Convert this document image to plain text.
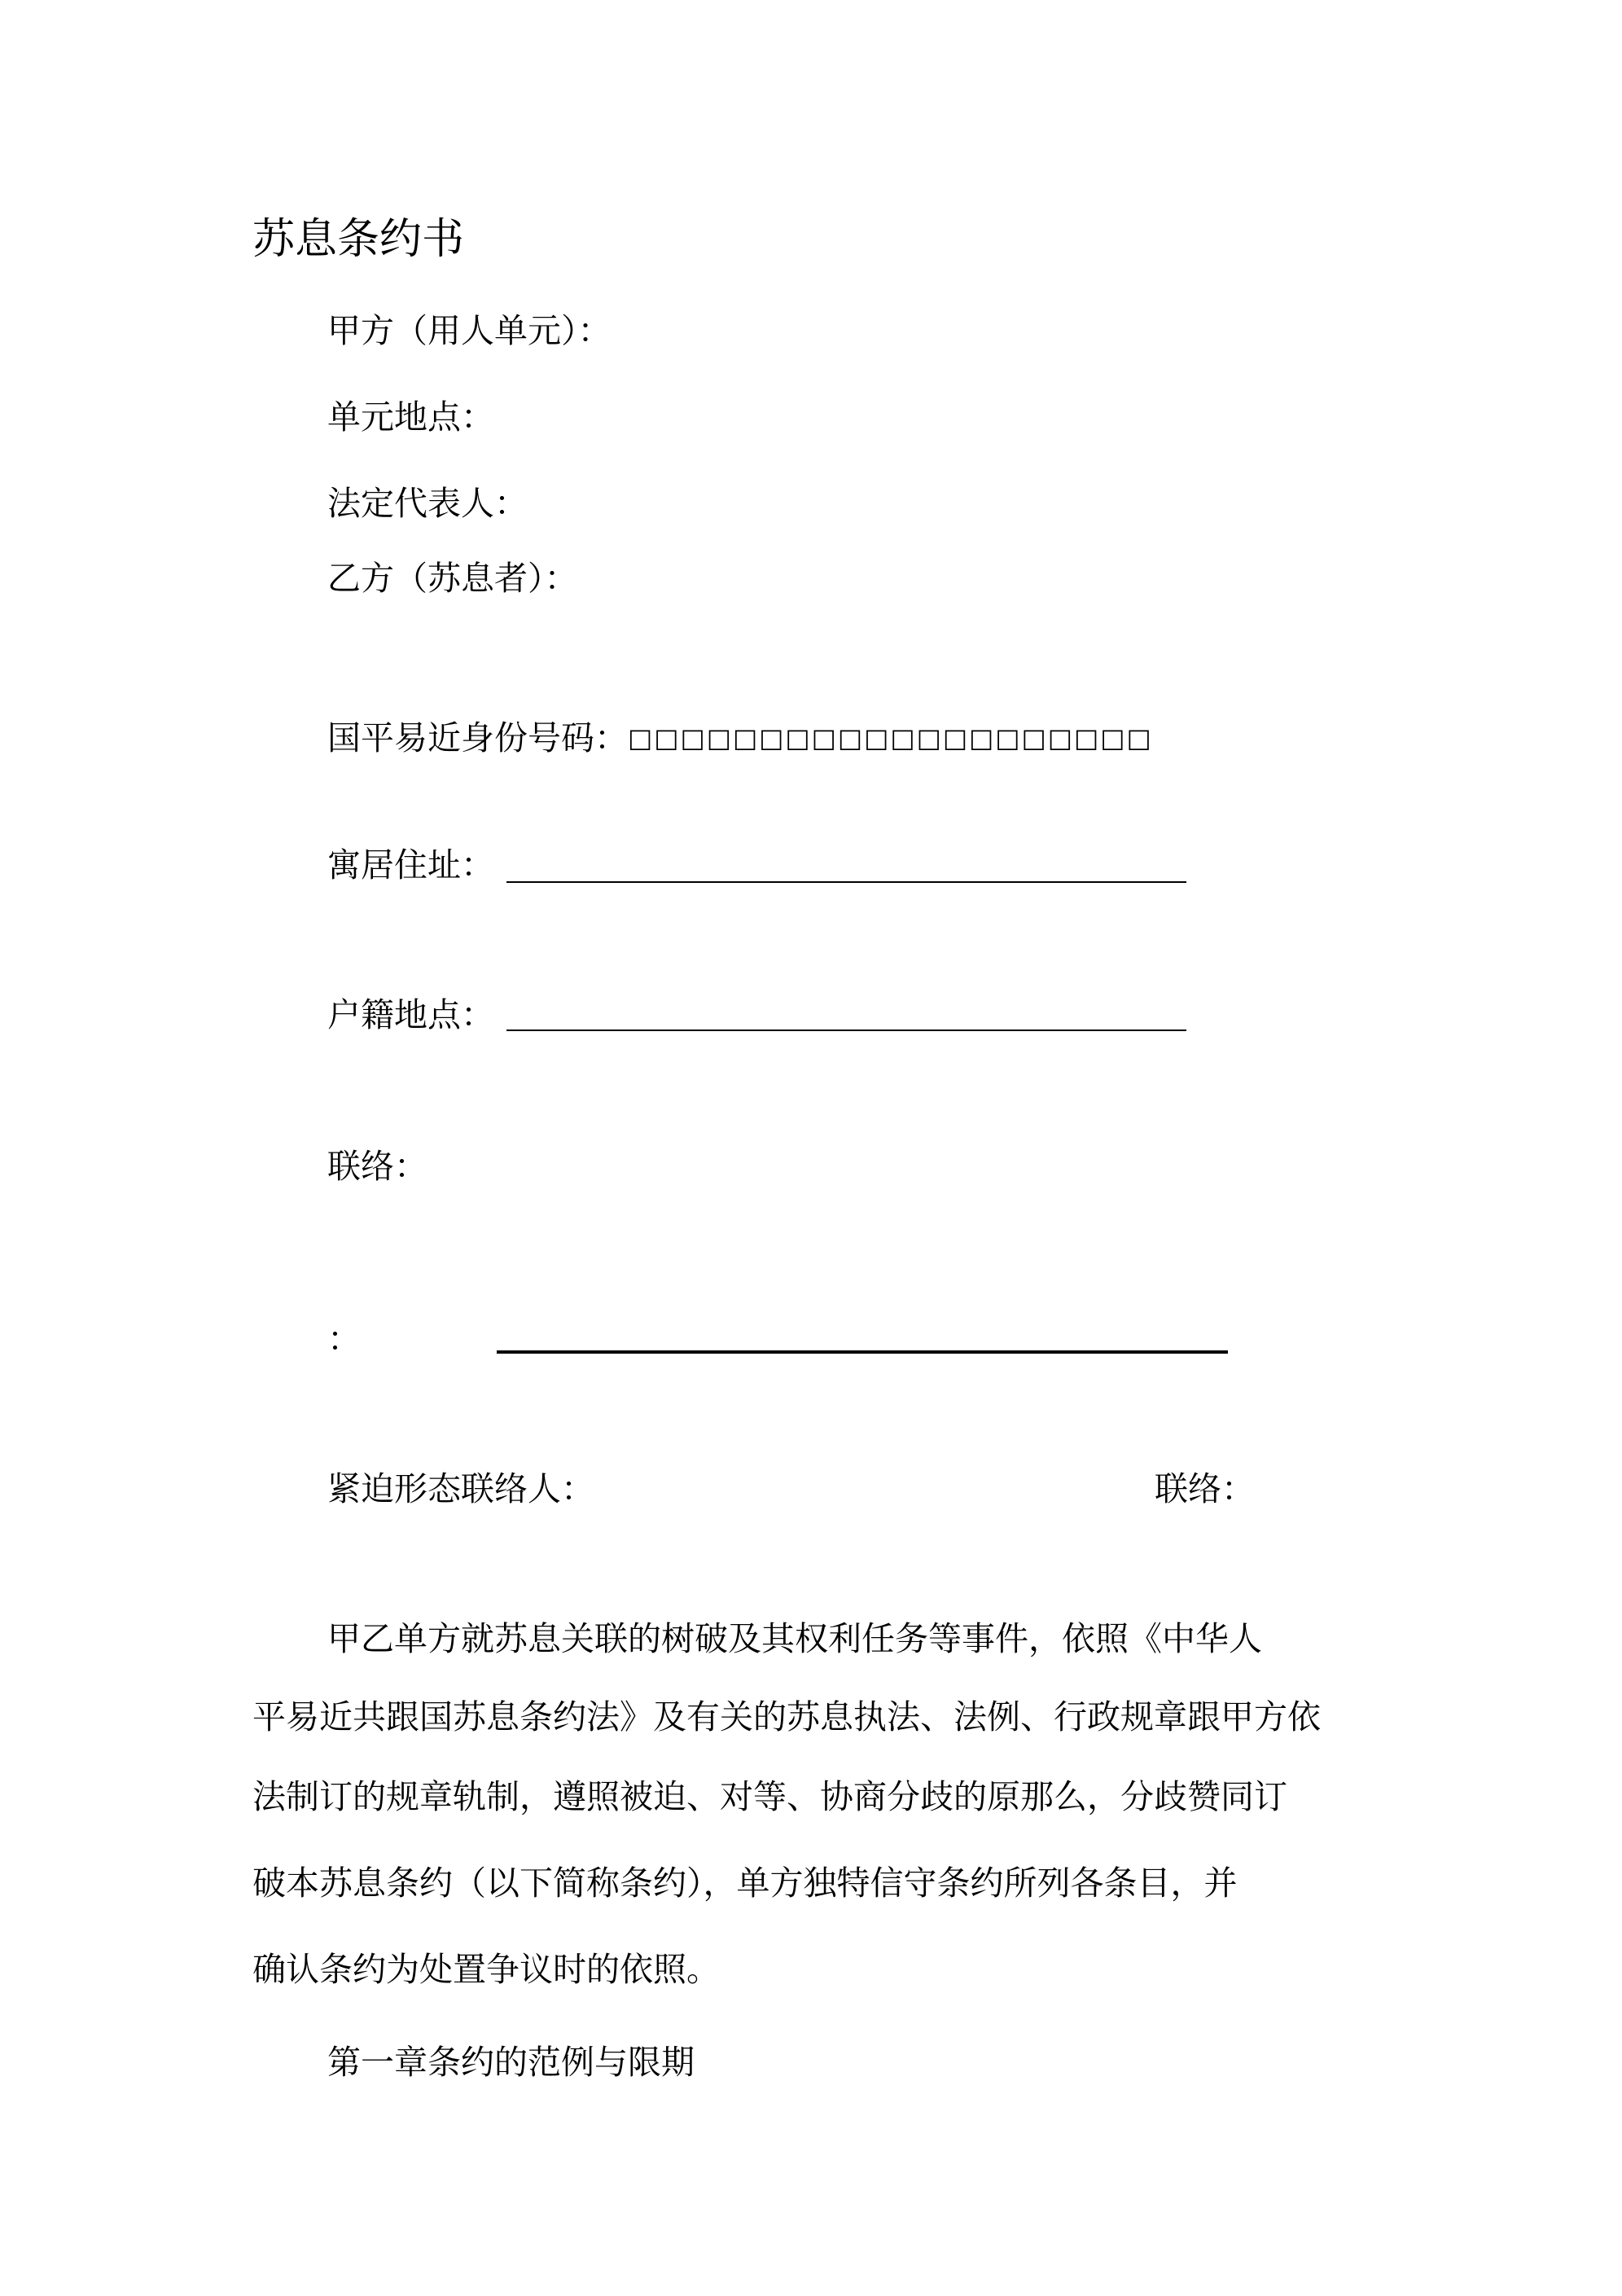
苏息条约书
甲方（用人单元）：
单元地点：
法定代表人：
乙方（苏息者）：
国平易近身份号码：□□□□□□□□□□□□□□□□□□□□
寓居住址：
户籍地点：
联络：
：
紧迫形态联络人：	联络：
甲乙单方就苏息关联的树破及其权利任务等事件，依照《中华人
平易近共跟国苏息条约法》及有关的苏息执法、法例、行政规章跟甲方依
法制订的规章轨制，遵照被迫、对等、协商分歧的原那么，分歧赞同订
破本苏息条约（以下简称条约），单方独特信守条约所列各条目，并
确认条约为处置争议时的依照。
第一章条约的范例与限期
